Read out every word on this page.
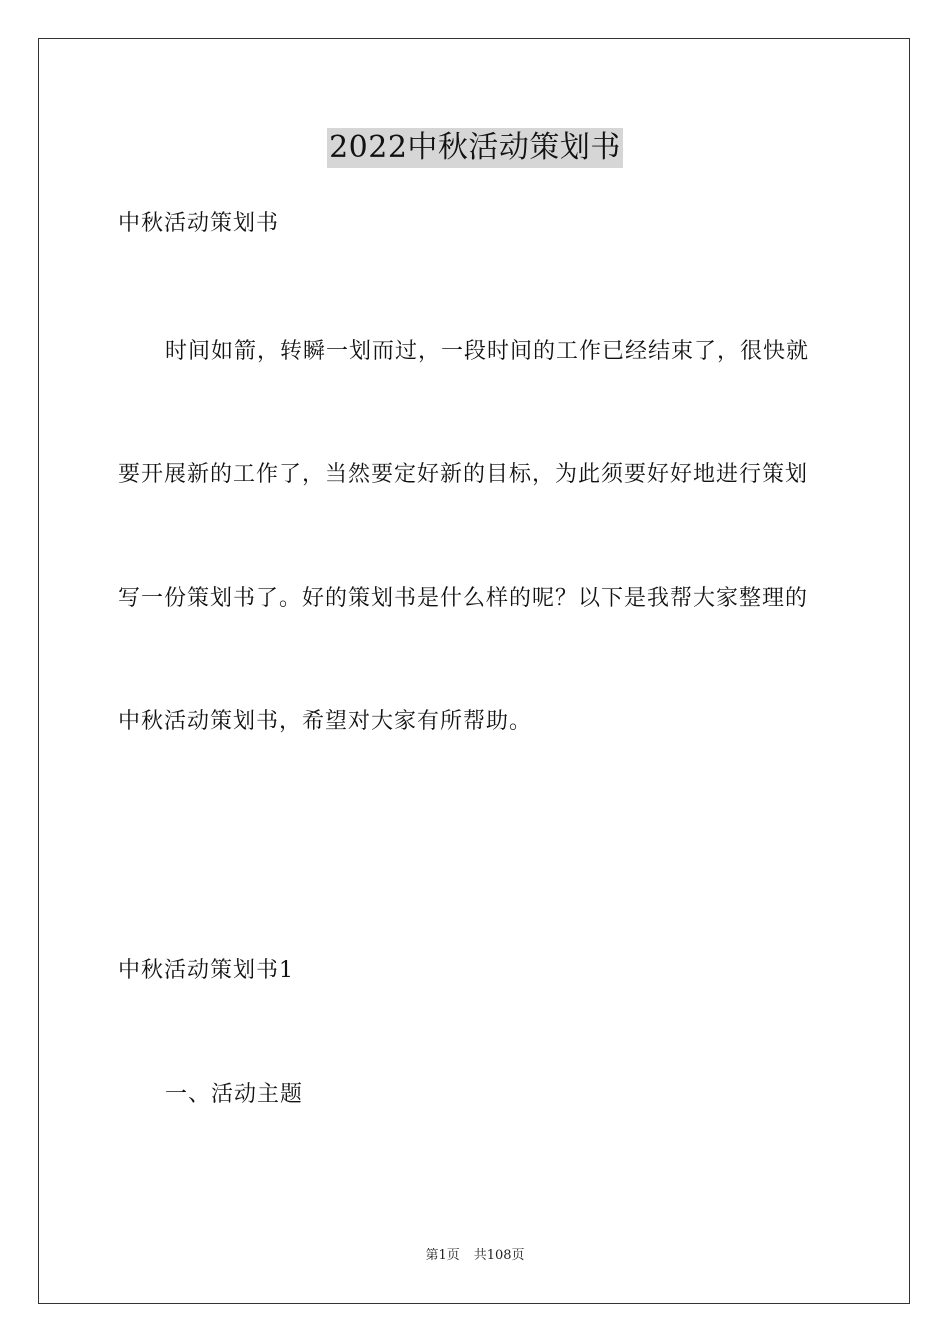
2022中秋活动策划书
中秋活动策划书
时间如箭，转瞬一划而过，一段时间的工作已经结束了，很快就
要开展新的工作了，当然要定好新的目标，为此须要好好地进行策划
写一份策划书了。好的策划书是什么样的呢？以下是我帮大家整理的
中秋活动策划书，希望对大家有所帮助。
中秋活动策划书1
一、活动主题
第1页 共108页
